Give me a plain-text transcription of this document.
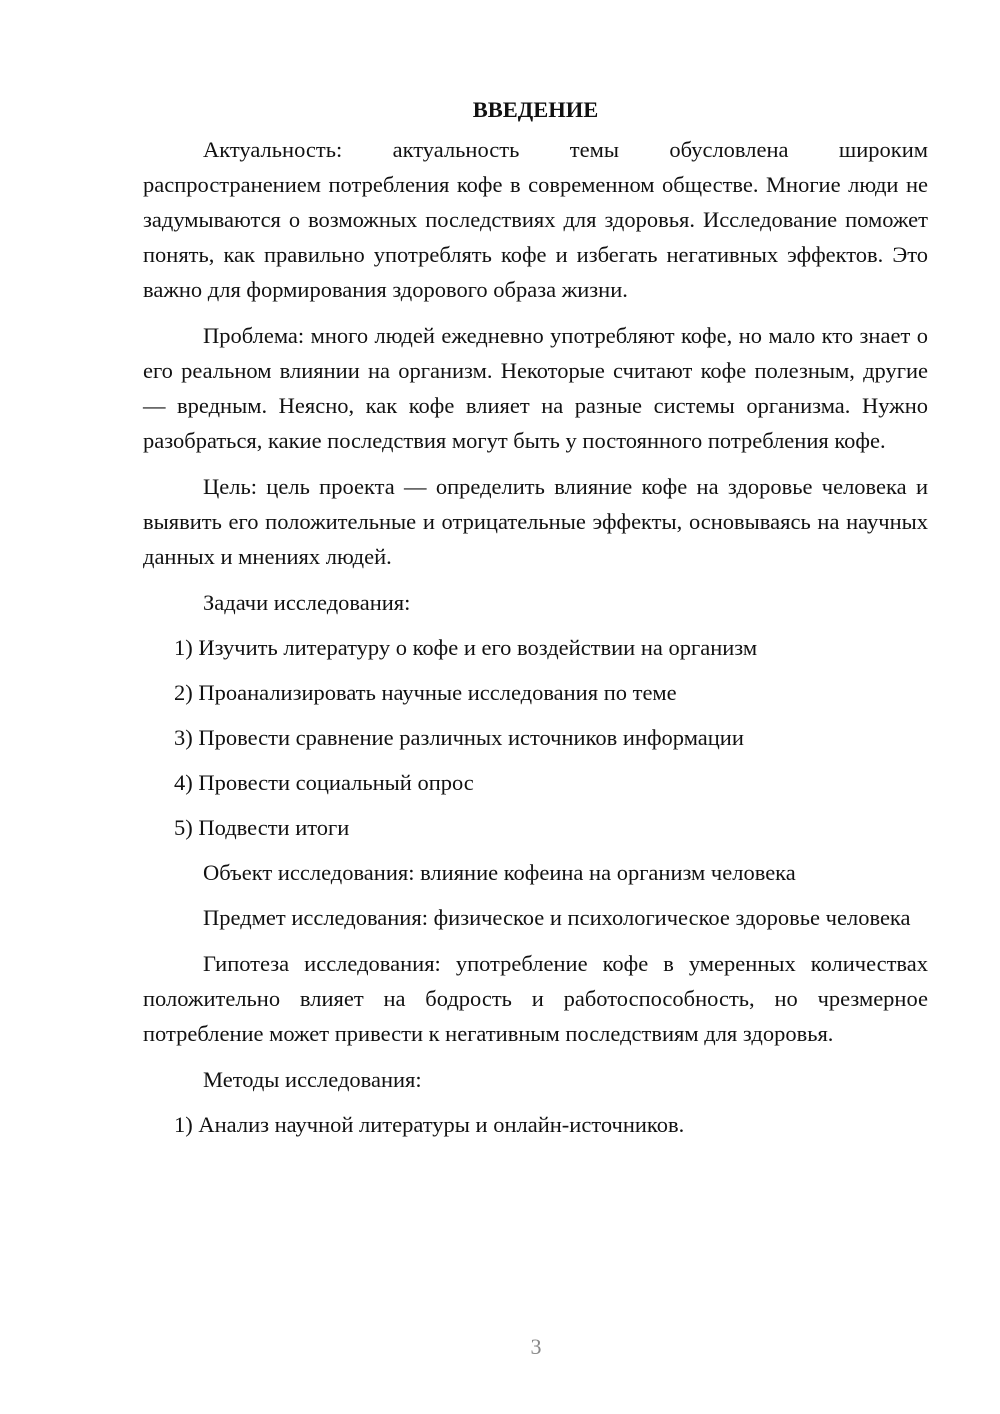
ВВЕДЕНИЕ

Актуальность: актуальность темы обусловлена широким распространением потребления кофе в современном обществе. Многие люди не задумываются о возможных последствиях для здоровья. Исследование поможет понять, как правильно употреблять кофе и избегать негативных эффектов. Это важно для формирования здорового образа жизни.

Проблема: много людей ежедневно употребляют кофе, но мало кто знает о его реальном влиянии на организм. Некоторые считают кофе полезным, другие — вредным. Неясно, как кофе влияет на разные системы организма. Нужно разобраться, какие последствия могут быть у постоянного потребления кофе.

Цель: цель проекта — определить влияние кофе на здоровье человека и выявить его положительные и отрицательные эффекты, основываясь на научных данных и мнениях людей.

Задачи исследования:
1) Изучить литературу о кофе и его воздействии на организм
2) Проанализировать научные исследования по теме
3) Провести сравнение различных источников информации
4) Провести социальный опрос
5) Подвести итоги
Объект исследования: влияние кофеина на организм человека

Предмет исследования: физическое и психологическое здоровье человека

Гипотеза исследования: употребление кофе в умеренных количествах положительно влияет на бодрость и работоспособность, но чрезмерное потребление может привести к негативным последствиям для здоровья.

Методы исследования:
1) Анализ научной литературы и онлайн-источников.
3
